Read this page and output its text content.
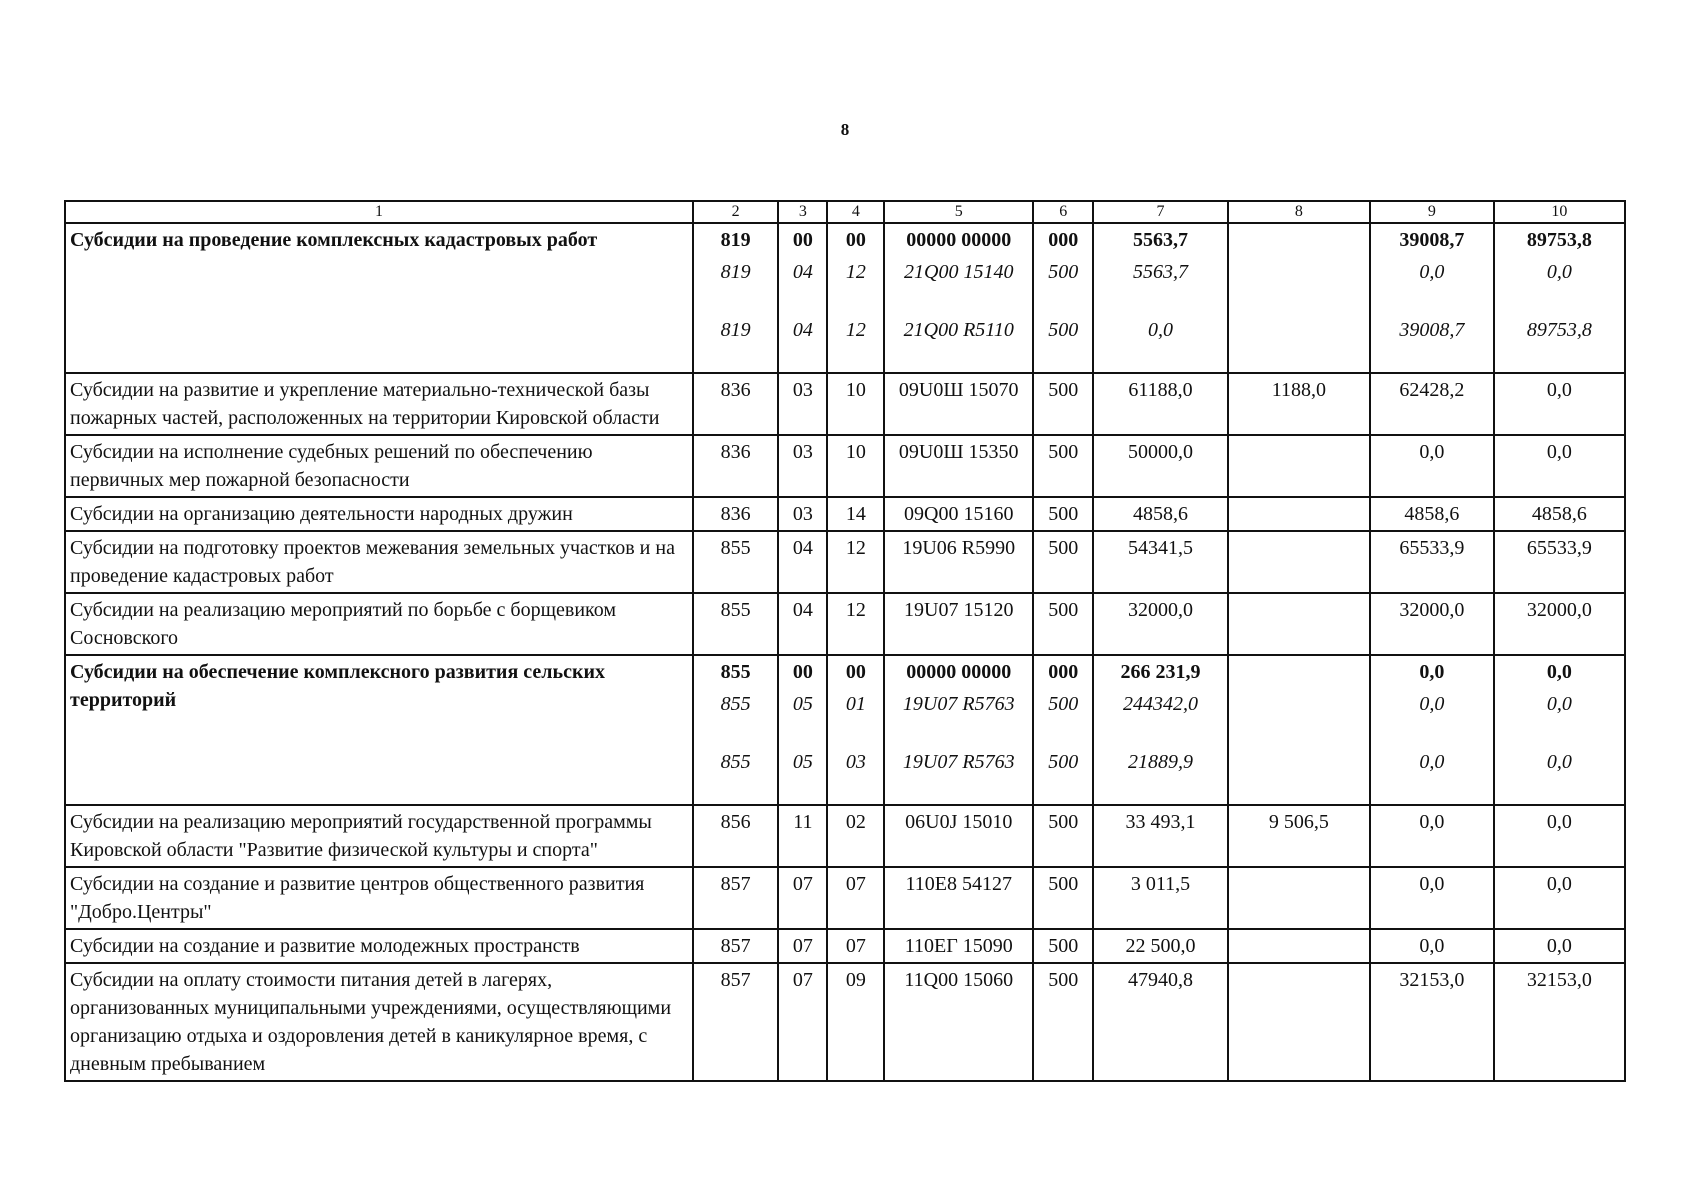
8
1	2	3	4	5	6	7	8	9	10
Субсидии на проведение комплексных кадастровых работ	819	00	00	00000 00000	000	5563,7		39008,7	89753,8
	819	04	12	21Q00 15140	500	5563,7		0,0	0,0
	819	04	12	21Q00 R5110	500	0,0		39008,7	89753,8
Субсидии на развитие и укрепление материально-технической базы пожарных частей, расположенных на территории Кировской области	836	03	10	09U0Ш 15070	500	61188,0	1188,0	62428,2	0,0
Субсидии на исполнение судебных решений по обеспечению первичных мер пожарной безопасности	836	03	10	09U0Ш 15350	500	50000,0		0,0	0,0
Субсидии на организацию деятельности народных дружин	836	03	14	09Q00 15160	500	4858,6		4858,6	4858,6
Субсидии на подготовку проектов межевания земельных участков и на проведение кадастровых работ	855	04	12	19U06 R5990	500	54341,5		65533,9	65533,9
Субсидии на реализацию мероприятий по борьбе с борщевиком Сосновского	855	04	12	19U07 15120	500	32000,0		32000,0	32000,0
Субсидии на обеспечение комплексного развития сельских территорий	855	00	00	00000 00000	000	266 231,9		0,0	0,0
	855	05	01	19U07 R5763	500	244342,0		0,0	0,0
	855	05	03	19U07 R5763	500	21889,9		0,0	0,0
Субсидии на реализацию мероприятий государственной программы Кировской области "Развитие физической культуры и спорта"	856	11	02	06U0J 15010	500	33 493,1	9 506,5	0,0	0,0
Субсидии на создание и развитие центров общественного развития "Добро.Центры"	857	07	07	110E8 54127	500	3 011,5		0,0	0,0
Субсидии на создание и развитие молодежных пространств	857	07	07	110ЕГ 15090	500	22 500,0		0,0	0,0
Субсидии на оплату стоимости питания детей в лагерях, организованных муниципальными учреждениями, осуществляющими организацию отдыха и оздоровления детей в каникулярное время, с дневным пребыванием	857	07	09	11Q00 15060	500	47940,8		32153,0	32153,0
